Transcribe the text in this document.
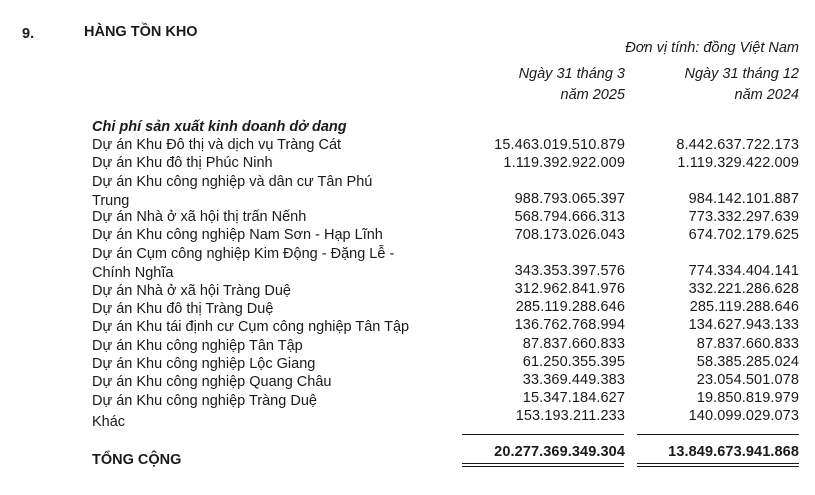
9.	HÀNG TỒN KHO
Đơn vị tính: đồng Việt Nam
Ngày 31 tháng 3
năm 2025
Ngày 31 tháng 12
năm 2024
Chi phí sản xuất kinh doanh dở dang
Dự án Khu Đô thị và dịch vụ Tràng Cát	15.463.019.510.879	8.442.637.722.173
Dự án Khu đô thị Phúc Ninh	1.119.392.922.009	1.119.329.422.009
Dự án Khu công nghiệp và dân cư Tân Phú
Trung	988.793.065.397	984.142.101.887
Dự án Nhà ở xã hội thị trấn Nếnh	568.794.666.313	773.332.297.639
Dự án Khu công nghiệp Nam Sơn - Hạp Lĩnh	708.173.026.043	674.702.179.625
Dự án Cụm công nghiệp Kim Động - Đặng Lễ -
Chính Nghĩa	343.353.397.576	774.334.404.141
Dự án Nhà ở xã hội Tràng Duệ	312.962.841.976	332.221.286.628
Dự án Khu đô thị Tràng Duệ	285.119.288.646	285.119.288.646
Dự án Khu tái định cư Cụm công nghiệp Tân Tập	136.762.768.994	134.627.943.133
Dự án Khu công nghiệp Tân Tập	87.837.660.833	87.837.660.833
Dự án Khu công nghiệp Lộc Giang	61.250.355.395	58.385.285.024
Dự án Khu công nghiệp Quang Châu	33.369.449.383	23.054.501.078
Dự án Khu công nghiệp Tràng Duệ	15.347.184.627	19.850.819.979
Khác	153.193.211.233	140.099.029.073
TỔNG CỘNG	20.277.369.349.304	13.849.673.941.868
